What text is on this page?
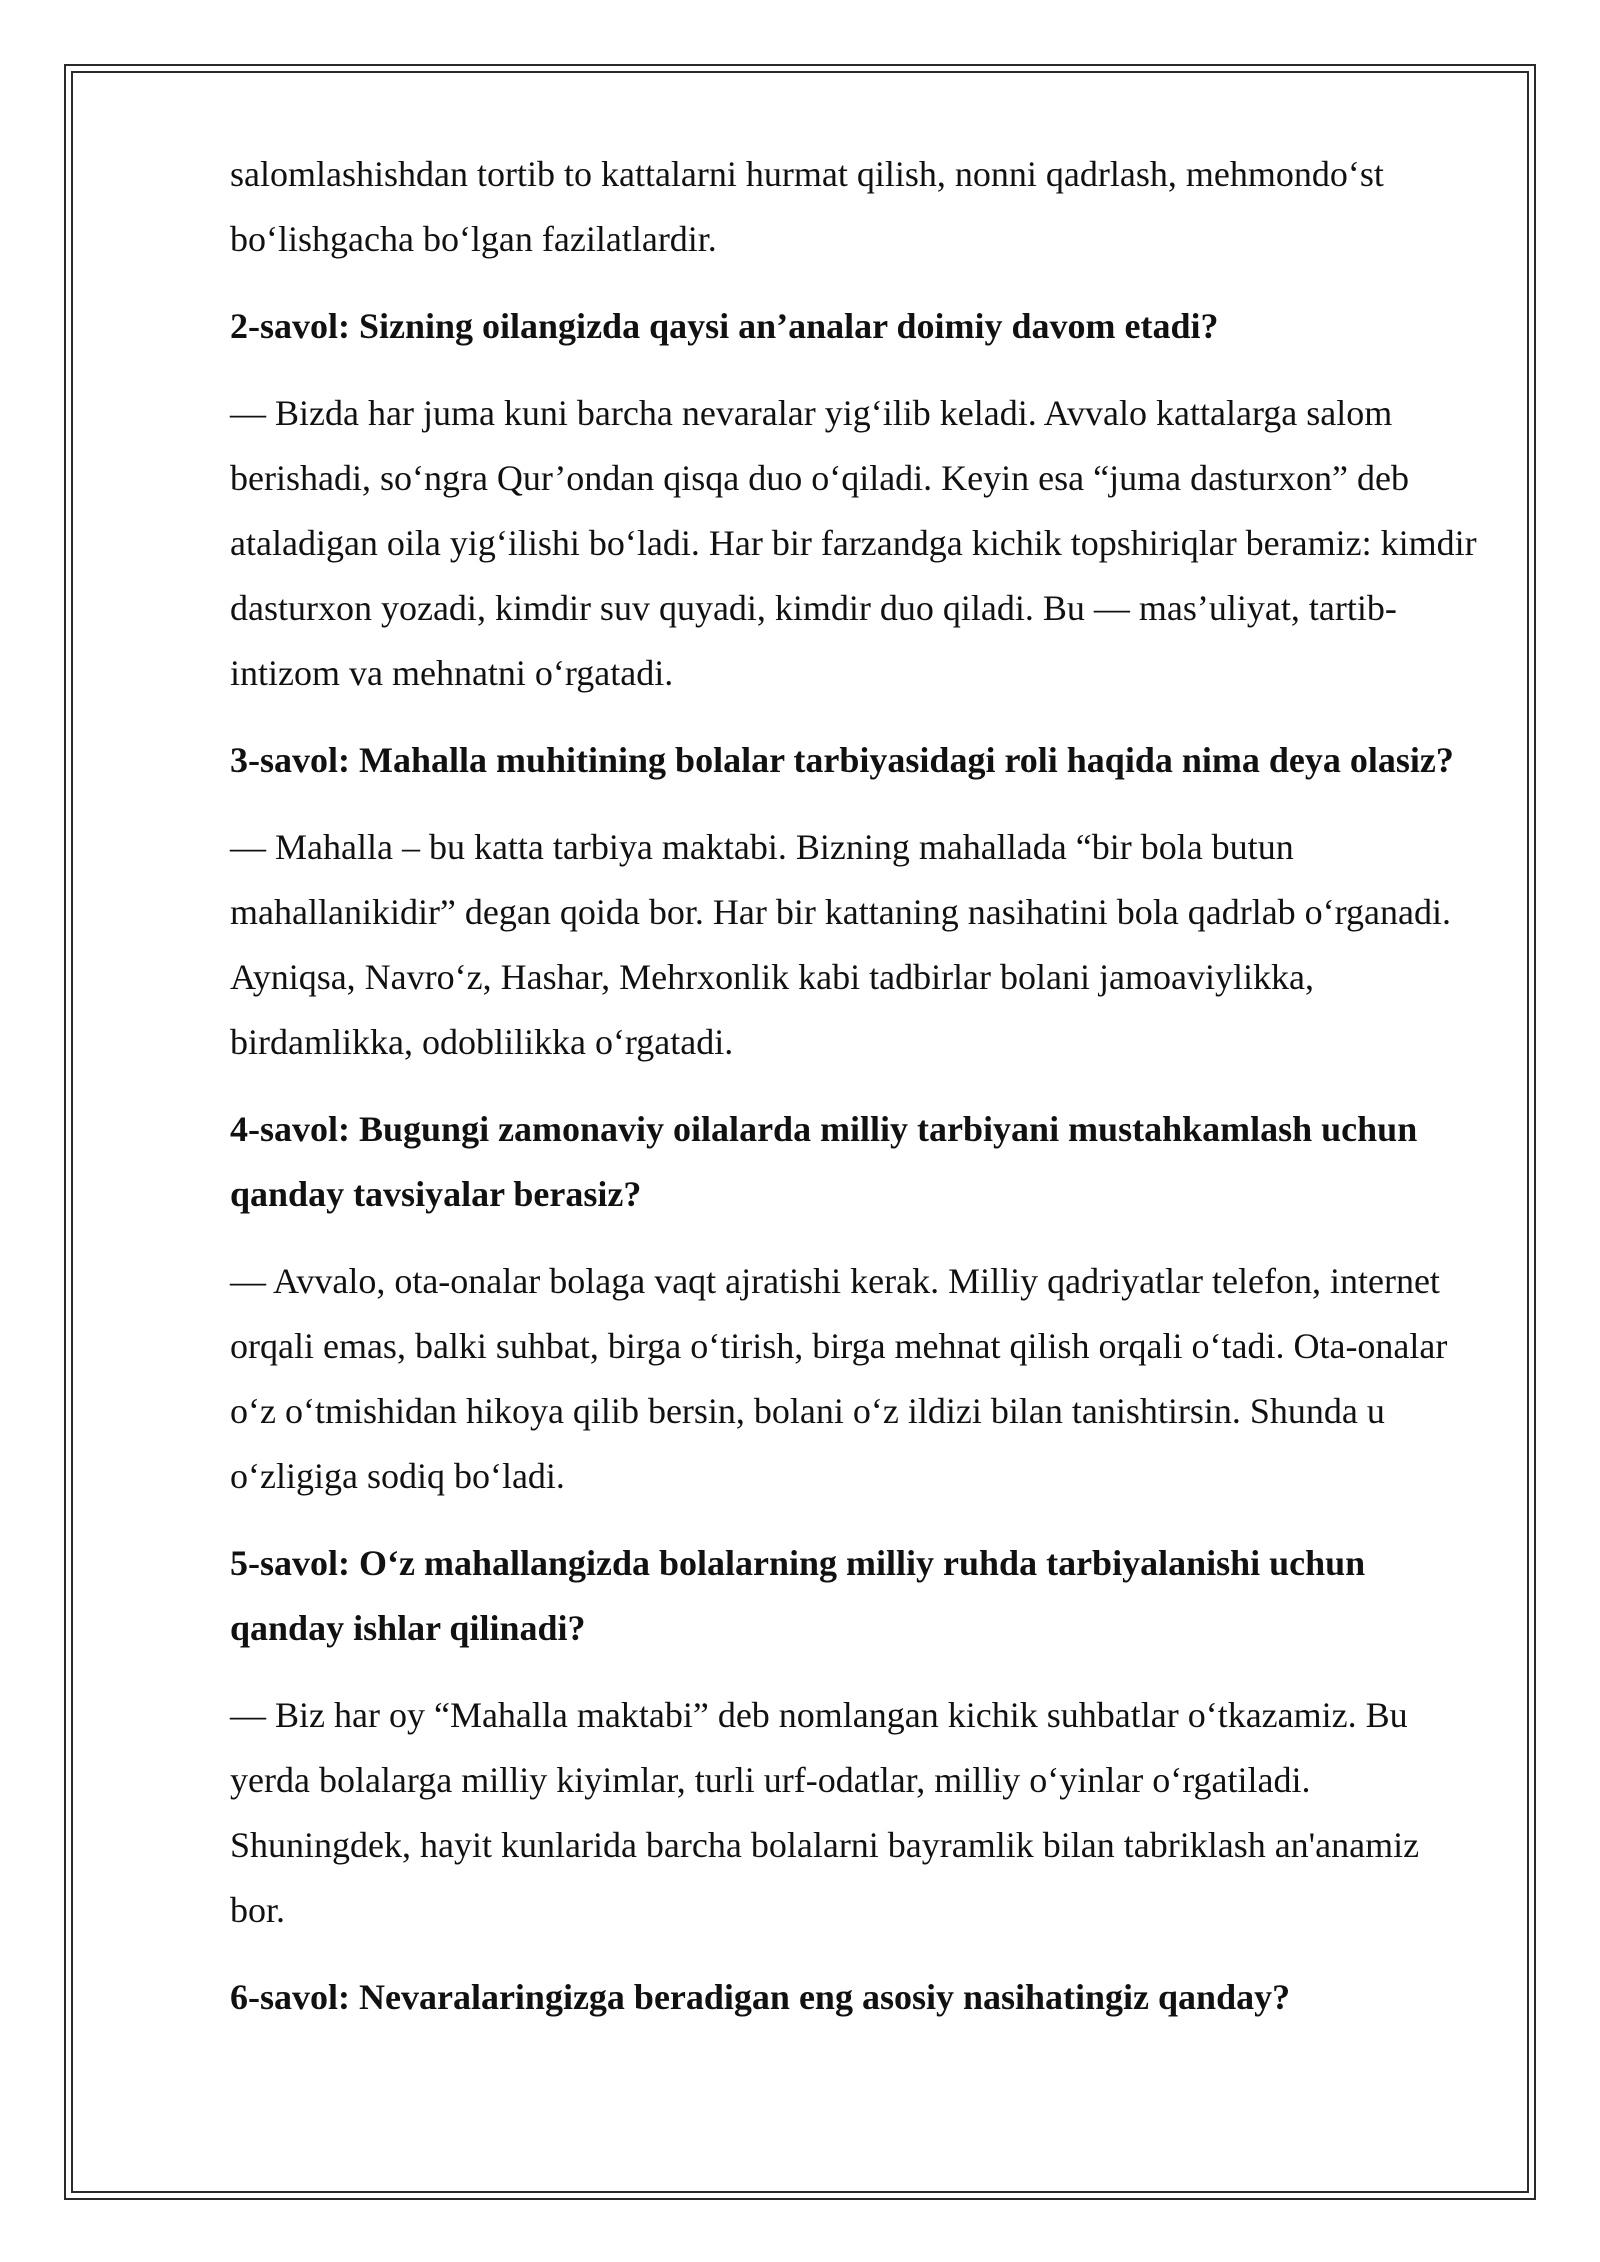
salomlashishdan tortib to kattalarni hurmat qilish, nonni qadrlash, mehmondo‘st bo‘lishgacha bo‘lgan fazilatlardir.

2-savol: Sizning oilangizda qaysi an’analar doimiy davom etadi?

— Bizda har juma kuni barcha nevaralar yig‘ilib keladi. Avvalo kattalarga salom berishadi, so‘ngra Qur’ondan qisqa duo o‘qiladi. Keyin esa “juma dasturxon” deb ataladigan oila yig‘ilishi bo‘ladi. Har bir farzandga kichik topshiriqlar beramiz: kimdir dasturxon yozadi, kimdir suv quyadi, kimdir duo qiladi. Bu — mas’uliyat, tartib-intizom va mehnatni o‘rgatadi.

3-savol: Mahalla muhitining bolalar tarbiyasidagi roli haqida nima deya olasiz?

— Mahalla – bu katta tarbiya maktabi. Bizning mahallada “bir bola butun mahallanikidir” degan qoida bor. Har bir kattaning nasihatini bola qadrlab o‘rganadi. Ayniqsa, Navro‘z, Hashar, Mehrxonlik kabi tadbirlar bolani jamoaviylikka, birdamlikka, odoblilikka o‘rgatadi.

4-savol: Bugungi zamonaviy oilalarda milliy tarbiyani mustahkamlash uchun qanday tavsiyalar berasiz?

— Avvalo, ota-onalar bolaga vaqt ajratishi kerak. Milliy qadriyatlar telefon, internet orqali emas, balki suhbat, birga o‘tirish, birga mehnat qilish orqali o‘tadi. Ota-onalar o‘z o‘tmishidan hikoya qilib bersin, bolani o‘z ildizi bilan tanishtirsin. Shunda u o‘zligiga sodiq bo‘ladi.

5-savol: O‘z mahallangizda bolalarning milliy ruhda tarbiyalanishi uchun qanday ishlar qilinadi?

— Biz har oy “Mahalla maktabi” deb nomlangan kichik suhbatlar o‘tkazamiz. Bu yerda bolalarga milliy kiyimlar, turli urf-odatlar, milliy o‘yinlar o‘rgatiladi. Shuningdek, hayit kunlarida barcha bolalarni bayramlik bilan tabriklash an'anamiz bor.

6-savol: Nevaralaringizga beradigan eng asosiy nasihatingiz qanday?
